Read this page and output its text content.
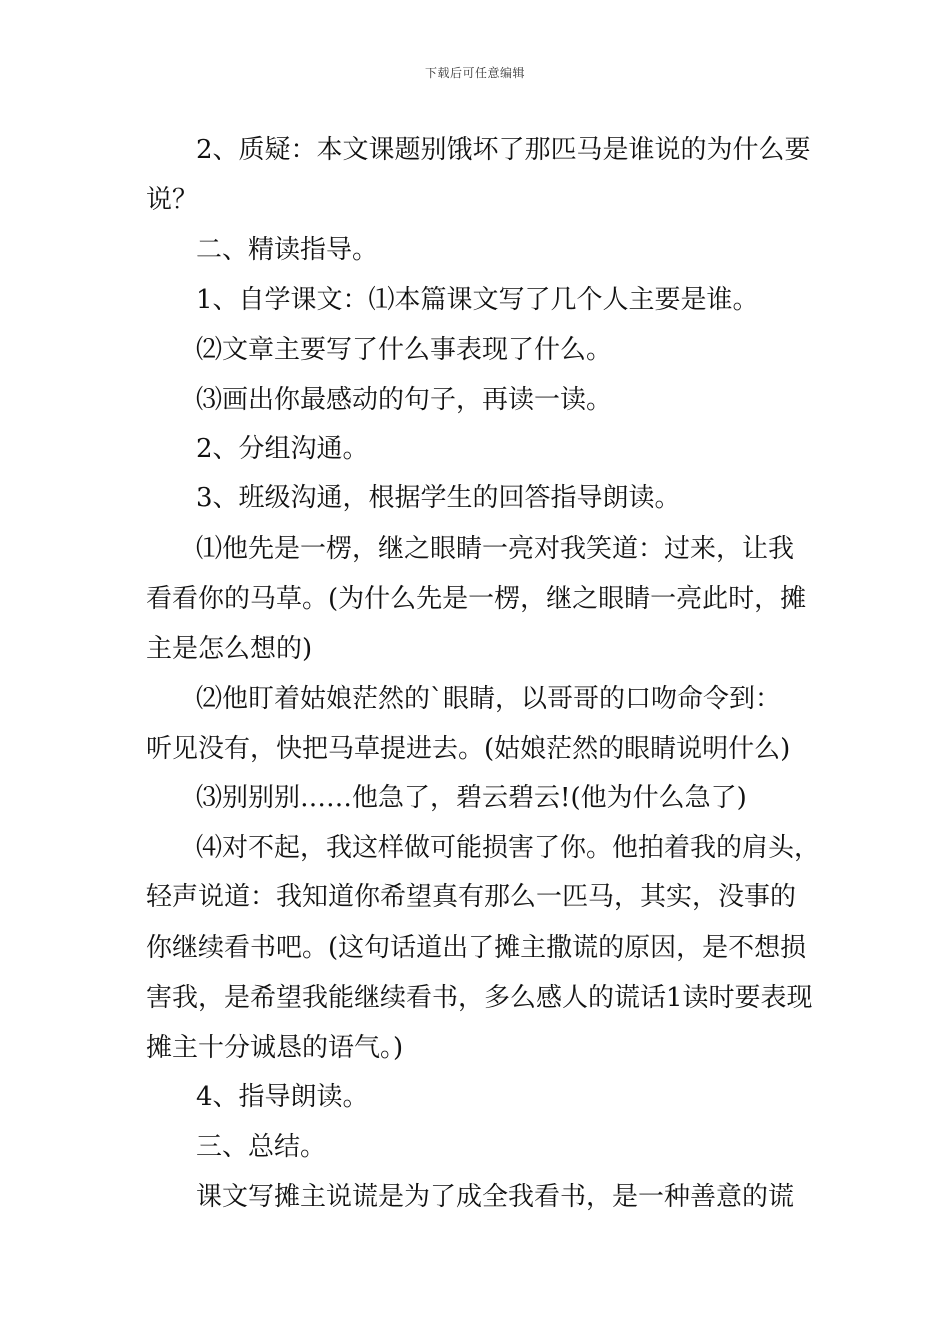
下载后可任意编辑
2、质疑：本文课题别饿坏了那匹马是谁说的为什么要
说？
二、精读指导。
1、自学课文：⑴本篇课文写了几个人主要是谁。
⑵文章主要写了什么事表现了什么。
⑶画出你最感动的句子，再读一读。
2、分组沟通。
3、班级沟通，根据学生的回答指导朗读。
⑴他先是一楞，继之眼睛一亮对我笑道：过来，让我
看看你的马草。(为什么先是一楞，继之眼睛一亮此时，摊
主是怎么想的)
⑵他盯着姑娘茫然的`眼睛，以哥哥的口吻命令到：
听见没有，快把马草提进去。(姑娘茫然的眼睛说明什么)
⑶别别别……他急了，碧云碧云!(他为什么急了)
⑷对不起，我这样做可能损害了你。他拍着我的肩头，
轻声说道：我知道你希望真有那么一匹马，其实，没事的
你继续看书吧。(这句话道出了摊主撒谎的原因，是不想损
害我，是希望我能继续看书，多么感人的谎话1读时要表现
摊主十分诚恳的语气。)
4、指导朗读。
三、总结。
课文写摊主说谎是为了成全我看书，是一种善意的谎
